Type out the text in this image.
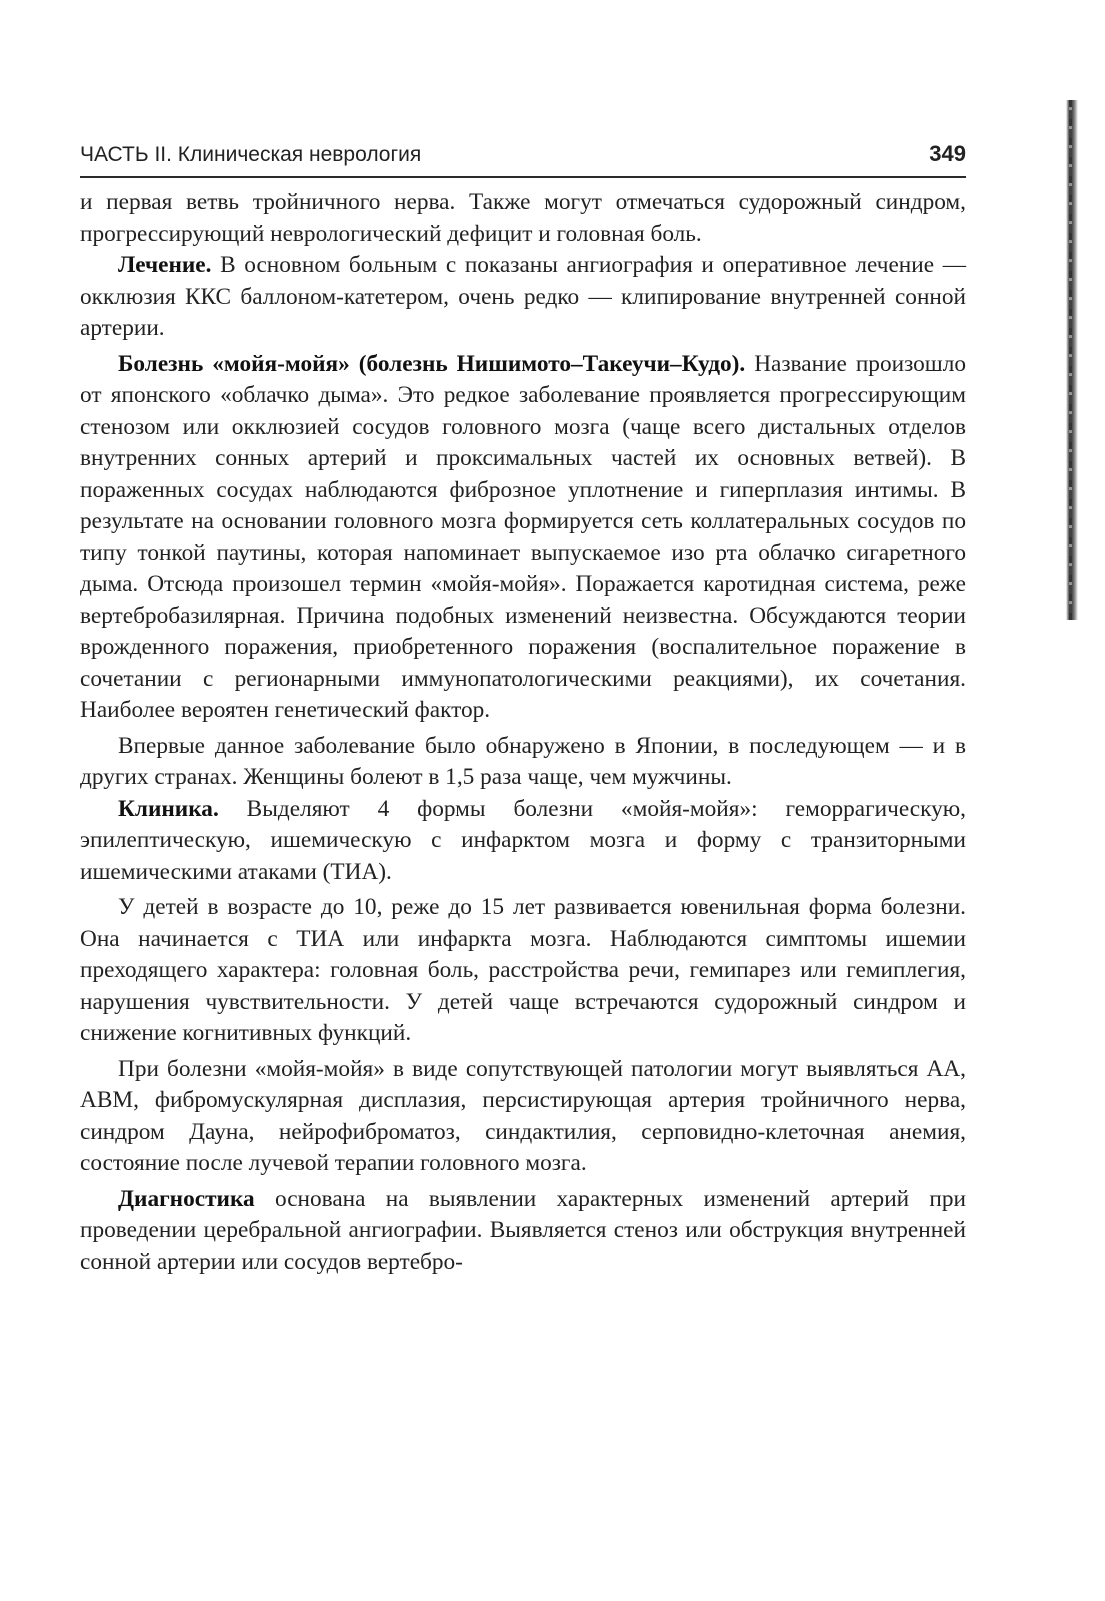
ЧАСТЬ II. Клиническая неврология	349

и первая ветвь тройничного нерва. Также могут отмечаться судорожный синдром, прогрессирующий неврологический дефицит и головная боль.

Лечение. В основном больным с показаны ангиография и оперативное лечение — окклюзия ККС баллоном-катетером, очень редко — клипирование внутренней сонной артерии.

Болезнь «мойя-мойя» (болезнь Нишимото–Такеучи–Кудо). Название произошло от японского «облачко дыма». Это редкое заболевание проявляется прогрессирующим стенозом или окклюзией сосудов головного мозга (чаще всего дистальных отделов внутренних сонных артерий и проксимальных частей их основных ветвей). В пораженных сосудах наблюдаются фиброзное уплотнение и гиперплазия интимы. В результате на основании головного мозга формируется сеть коллатеральных сосудов по типу тонкой паутины, которая напоминает выпускаемое изо рта облачко сигаретного дыма. Отсюда произошел термин «мойя-мойя». Поражается каротидная система, реже вертебробазилярная. Причина подобных изменений неизвестна. Обсуждаются теории врожденного поражения, приобретенного поражения (воспалительное поражение в сочетании с регионарными иммунопатологическими реакциями), их сочетания. Наиболее вероятен генетический фактор.

Впервые данное заболевание было обнаружено в Японии, в последующем — и в других странах. Женщины болеют в 1,5 раза чаще, чем мужчины.

Клиника. Выделяют 4 формы болезни «мойя-мойя»: геморрагическую, эпилептическую, ишемическую с инфарктом мозга и форму с транзиторными ишемическими атаками (ТИА).

У детей в возрасте до 10, реже до 15 лет развивается ювенильная форма болезни. Она начинается с ТИА или инфаркта мозга. Наблюдаются симптомы ишемии преходящего характера: головная боль, расстройства речи, гемипарез или гемиплегия, нарушения чувствительности. У детей чаще встречаются судорожный синдром и снижение когнитивных функций.

При болезни «мойя-мойя» в виде сопутствующей патологии могут выявляться АА, АВМ, фибромускулярная дисплазия, персистирующая артерия тройничного нерва, синдром Дауна, нейрофиброматоз, синдактилия, серповидно-клеточная анемия, состояние после лучевой терапии головного мозга.

Диагностика основана на выявлении характерных изменений артерий при проведении церебральной ангиографии. Выявляется стеноз или обструкция внутренней сонной артерии или сосудов вертебро-
